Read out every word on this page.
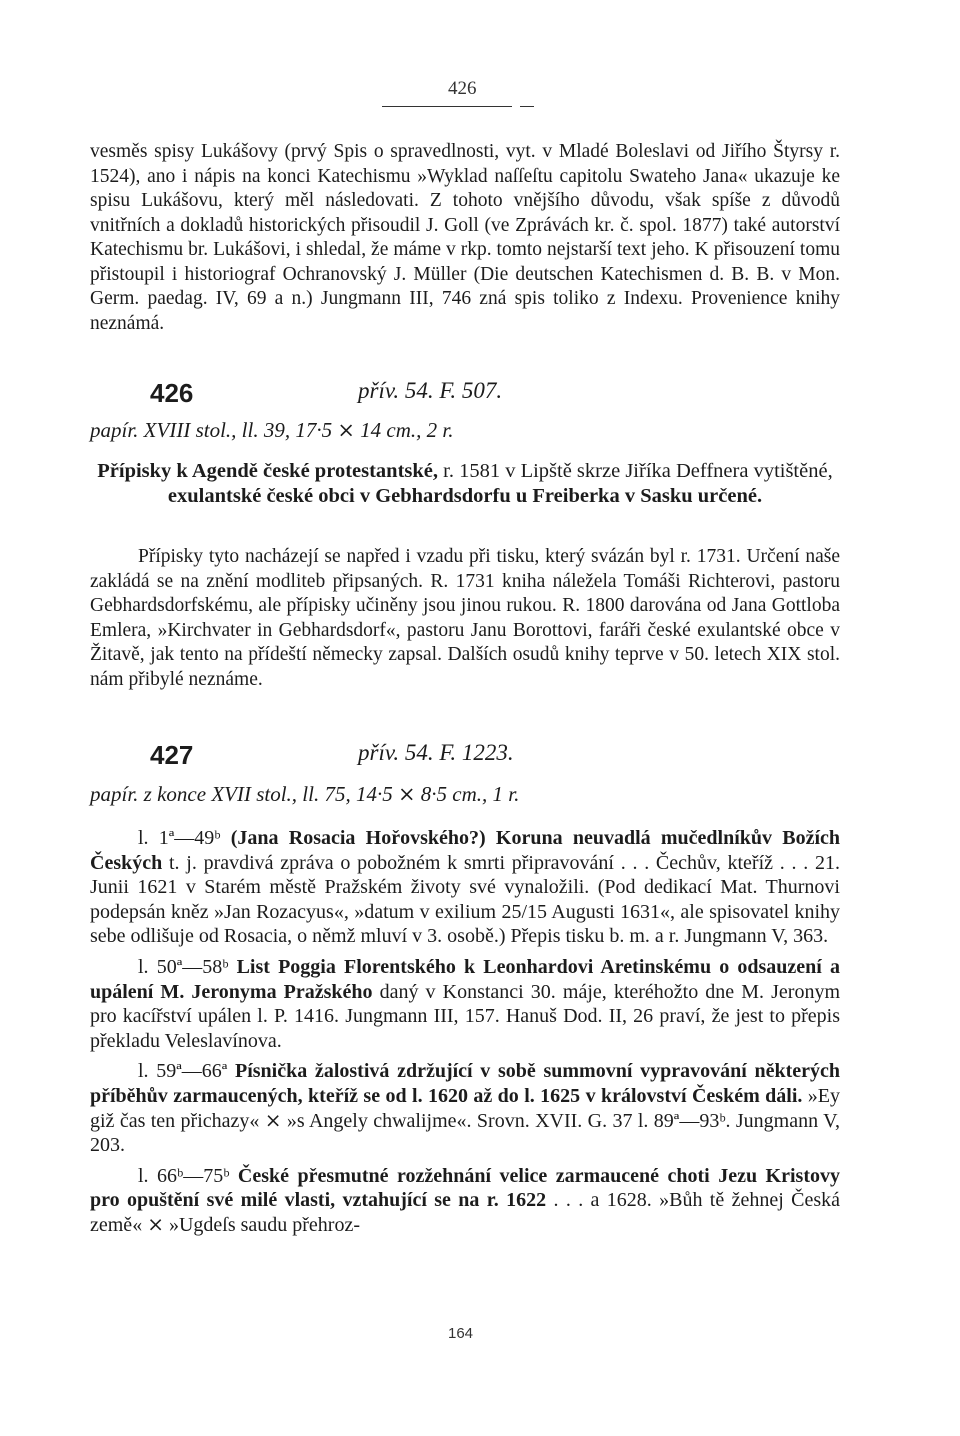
426

vesměs spisy Lukášovy (prvý Spis o spravedlnosti, vyt. v Mladé Boleslavi od Jiřího Štyrsy r. 1524), ano i nápis na konci Katechismu »Wyklad naſſeſtu capitolu Swateho Jana« ukazuje ke spisu Lukášovu, který měl následovati. Z tohoto vnějšího důvodu, však spíše z důvodů vnitřních a dokladů historických přisoudil J. Goll (ve Zprávách kr. č. spol. 1877) také autorství Katechismu br. Lukášovi, i shledal, že máme v rkp. tomto nejstarší text jeho. K přisouzení tomu přistoupil i historiograf Ochranovský J. Müller (Die deutschen Katechismen d. B. B. v Mon. Germ. paedag. IV, 69 a n.) Jungmann III, 746 zná spis toliko z Indexu. Provenience knihy neznámá.

426	přív. 54. F. 507.
papír. XVIII stol., ll. 39, 17·5 ⨯ 14 cm., 2 r.
Přípisky k Agendě české protestantské, r. 1581 v Lipště skrze Jiříka Deffnera vytištěné, exulantské české obci v Gebhardsdorfu u Freiberka v Sasku určené.

Přípisky tyto nacházejí se napřed i vzadu při tisku, který svázán byl r. 1731. Určení naše zakládá se na znění modliteb připsaných. R. 1731 kniha náležela Tomáši Richterovi, pastoru Gebhardsdorfskému, ale přípisky učiněny jsou jinou rukou. R. 1800 darována od Jana Gottloba Emlera, »Kirchvater in Gebhardsdorf«, pastoru Janu Borottovi, faráři české exulantské obce v Žitavě, jak tento na přídeští německy zapsal. Dalších osudů knihy teprve v 50. letech XIX stol. nám přibylé neznáme.

427	přív. 54. F. 1223.
papír. z konce XVII stol., ll. 75, 14·5 ⨯ 8·5 cm., 1 r.

l. 1ª—49ᵇ (Jana Rosacia Hořovského?) Koruna neuvadlá mučedlníkův Božích Českých t. j. pravdivá zpráva o pobožném k smrti připravování . . . Čechův, kteříž . . . 21. Junii 1621 v Starém městě Pražském životy své vynaložili. (Pod dedikací Mat. Thurnovi podepsán kněz »Jan Rozacyus«, »datum v exilium 25/15 Augusti 1631«, ale spisovatel knihy sebe odlišuje od Rosacia, o němž mluví v 3. osobě.) Přepis tisku b. m. a r. Jungmann V, 363.

l. 50ª—58ᵇ List Poggia Florentského k Leonhardovi Aretinskému o odsauzení a upálení M. Jeronyma Pražského daný v Konstanci 30. máje, kteréhožto dne M. Jeronym pro kacířství upálen l. P. 1416. Jungmann III, 157. Hanuš Dod. II, 26 praví, že jest to přepis překladu Veleslavínova.

l. 59ª—66ª Písnička žalostivá zdržující v sobě summovní vypravování některých příběhův zarmaucených, kteříž se od l. 1620 až do l. 1625 v království Českém dáli. »Ey giž čas ten přichazy« ⨯ »s Angely chwalijme«. Srovn. XVII. G. 37 l. 89ª—93ᵇ. Jungmann V, 203.

l. 66ᵇ—75ᵇ České přesmutné rozžehnání velice zarmaucené choti Jezu Kristovy pro opuštění své milé vlasti, vztahující se na r. 1622 . . . a 1628. »Bůh tě žehnej Česká země« ⨯ »Ugdeſs saudu přehroz-

164
